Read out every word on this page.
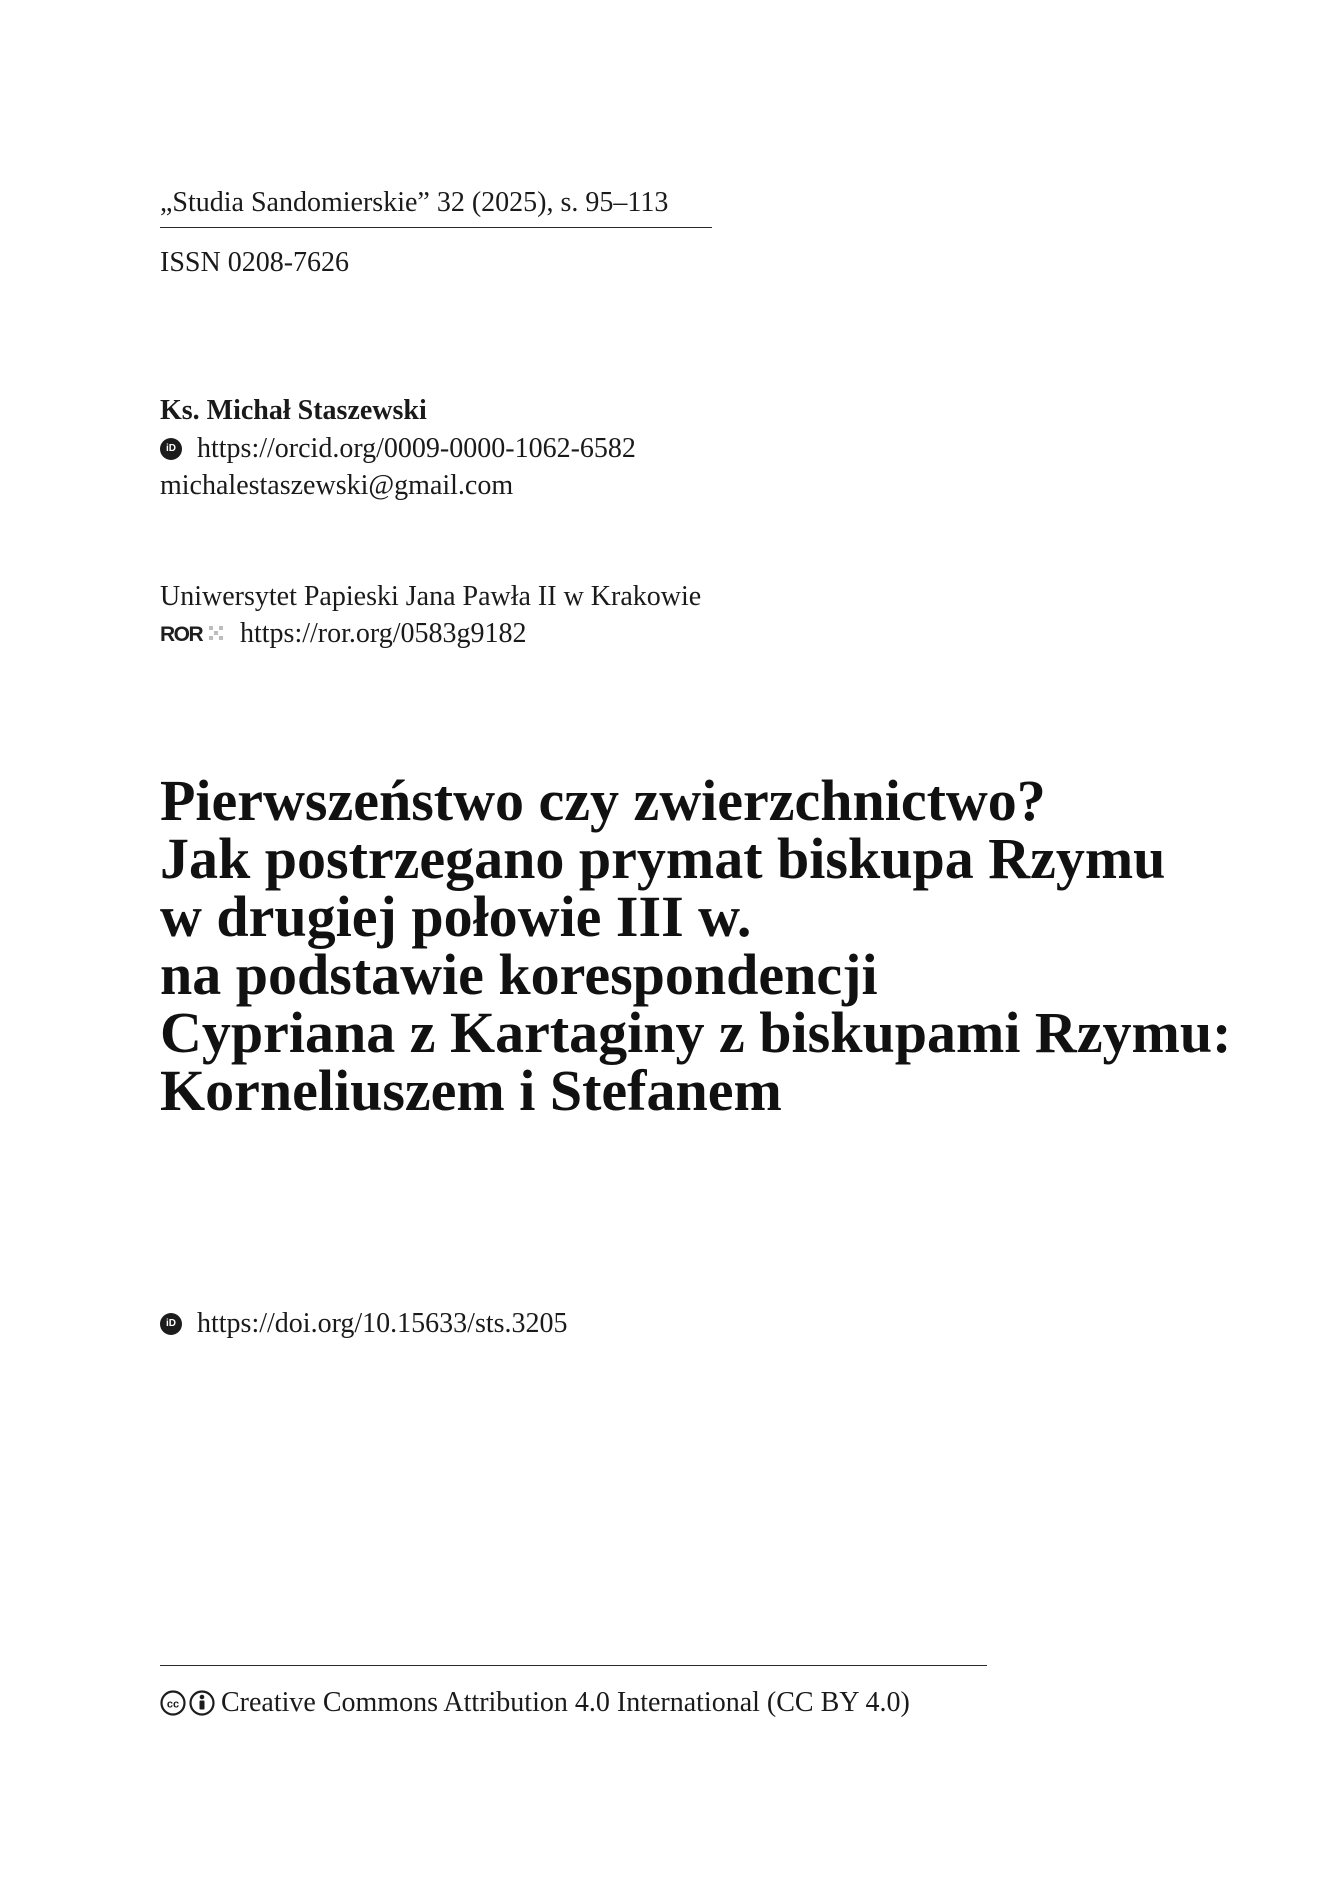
„Studia Sandomierskie” 32 (2025), s. 95–113
ISSN 0208-7626
Ks. Michał Staszewski
iD https://orcid.org/0009-0000-1062-6582
michalestaszewski@gmail.com
Uniwersytet Papieski Jana Pawła II w Krakowie
ROR https://ror.org/0583g9182
Pierwszeństwo czy zwierzchnictwo?
Jak postrzegano prymat biskupa Rzymu
w drugiej połowie III w.
na podstawie korespondencji
Cypriana z Kartaginy z biskupami Rzymu:
Korneliuszem i Stefanem
iD https://doi.org/10.15633/sts.3205
cc Creative Commons Attribution 4.0 International (CC BY 4.0)
